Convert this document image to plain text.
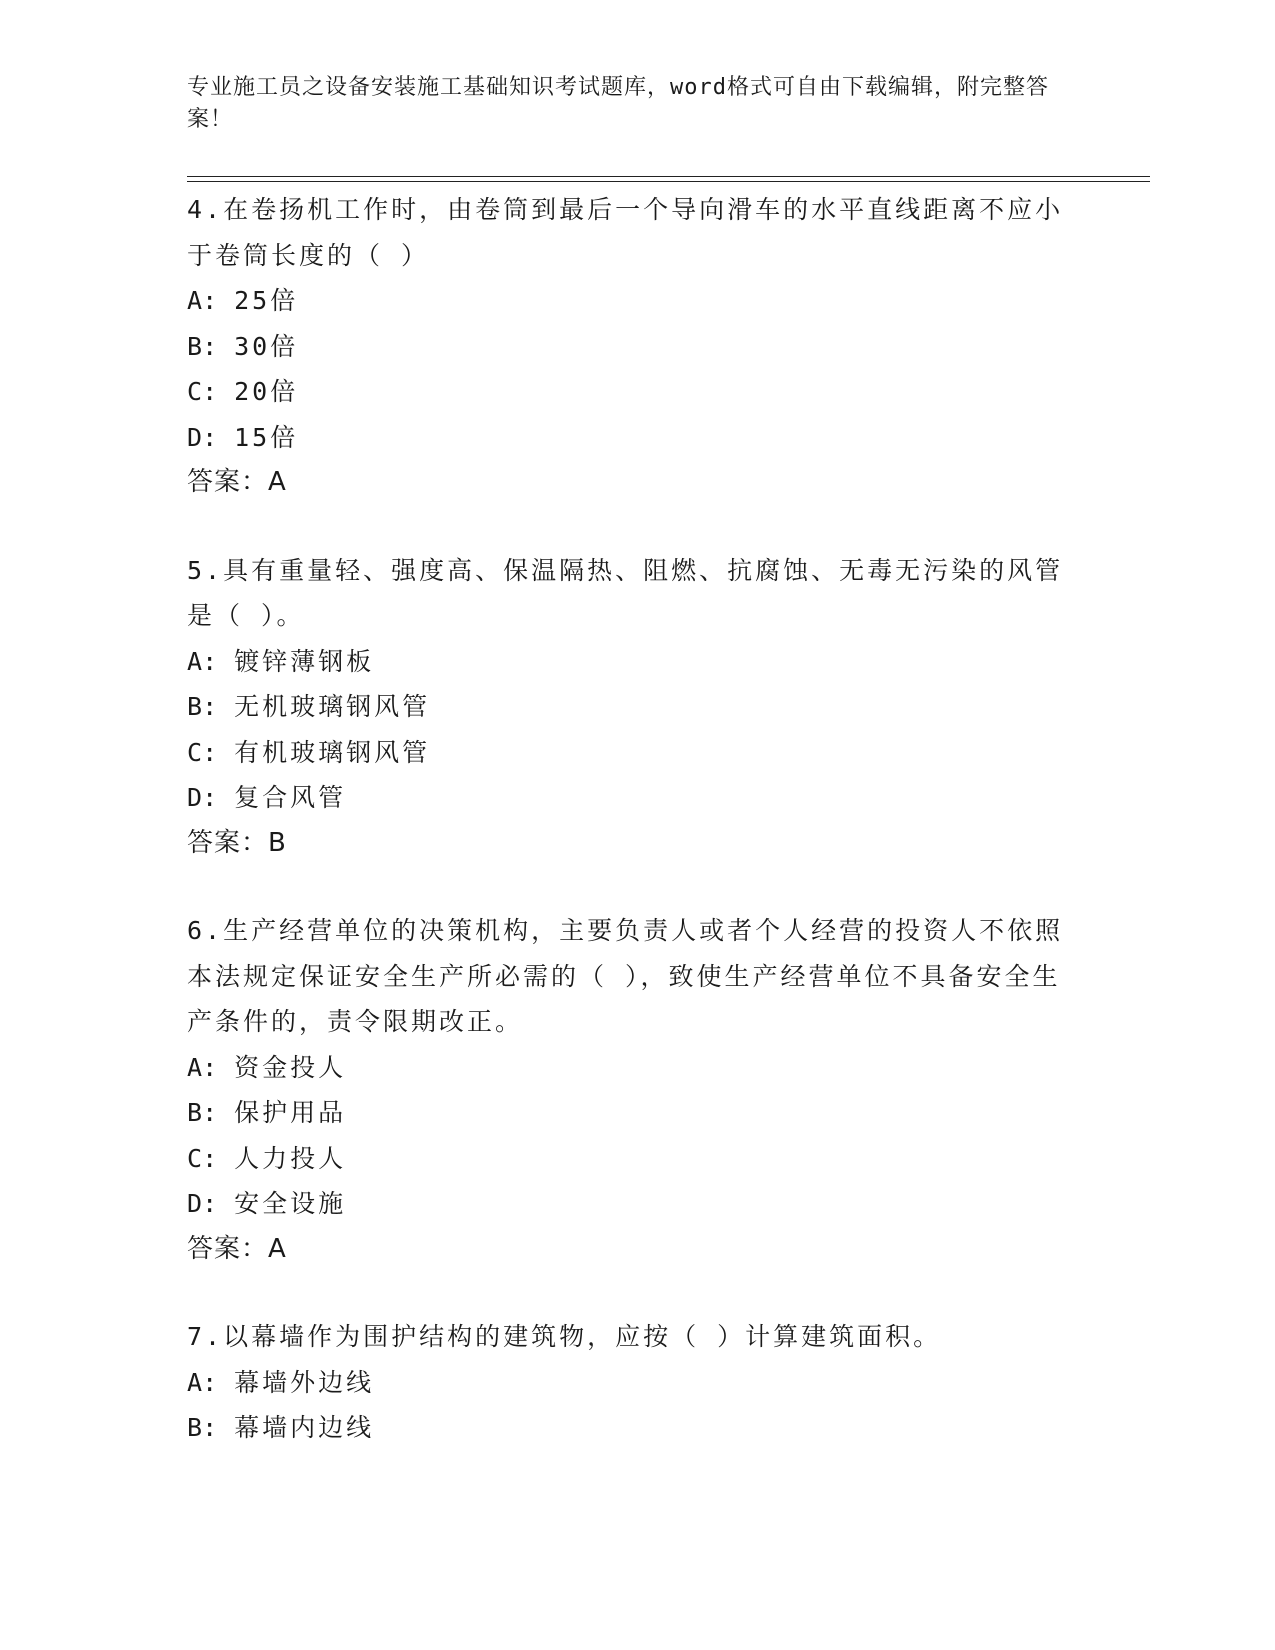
专业施工员之设备安装施工基础知识考试题库，word格式可自由下载编辑，附完整答案！
4.在卷扬机工作时，由卷筒到最后一个导向滑车的水平直线距离不应小于卷筒长度的（ ）
A: 25倍
B: 30倍
C: 20倍
D: 15倍
答案：A
5.具有重量轻、强度高、保温隔热、阻燃、抗腐蚀、无毒无污染的风管是（ ）。
A: 镀锌薄钢板
B: 无机玻璃钢风管
C: 有机玻璃钢风管
D: 复合风管
答案：B
6.生产经营单位的决策机构，主要负责人或者个人经营的投资人不依照本法规定保证安全生产所必需的（ ），致使生产经营单位不具备安全生产条件的，责令限期改正。
A: 资金投人
B: 保护用品
C: 人力投人
D: 安全设施
答案：A
7.以幕墙作为围护结构的建筑物，应按（ ）计算建筑面积。
A: 幕墙外边线
B: 幕墙内边线
